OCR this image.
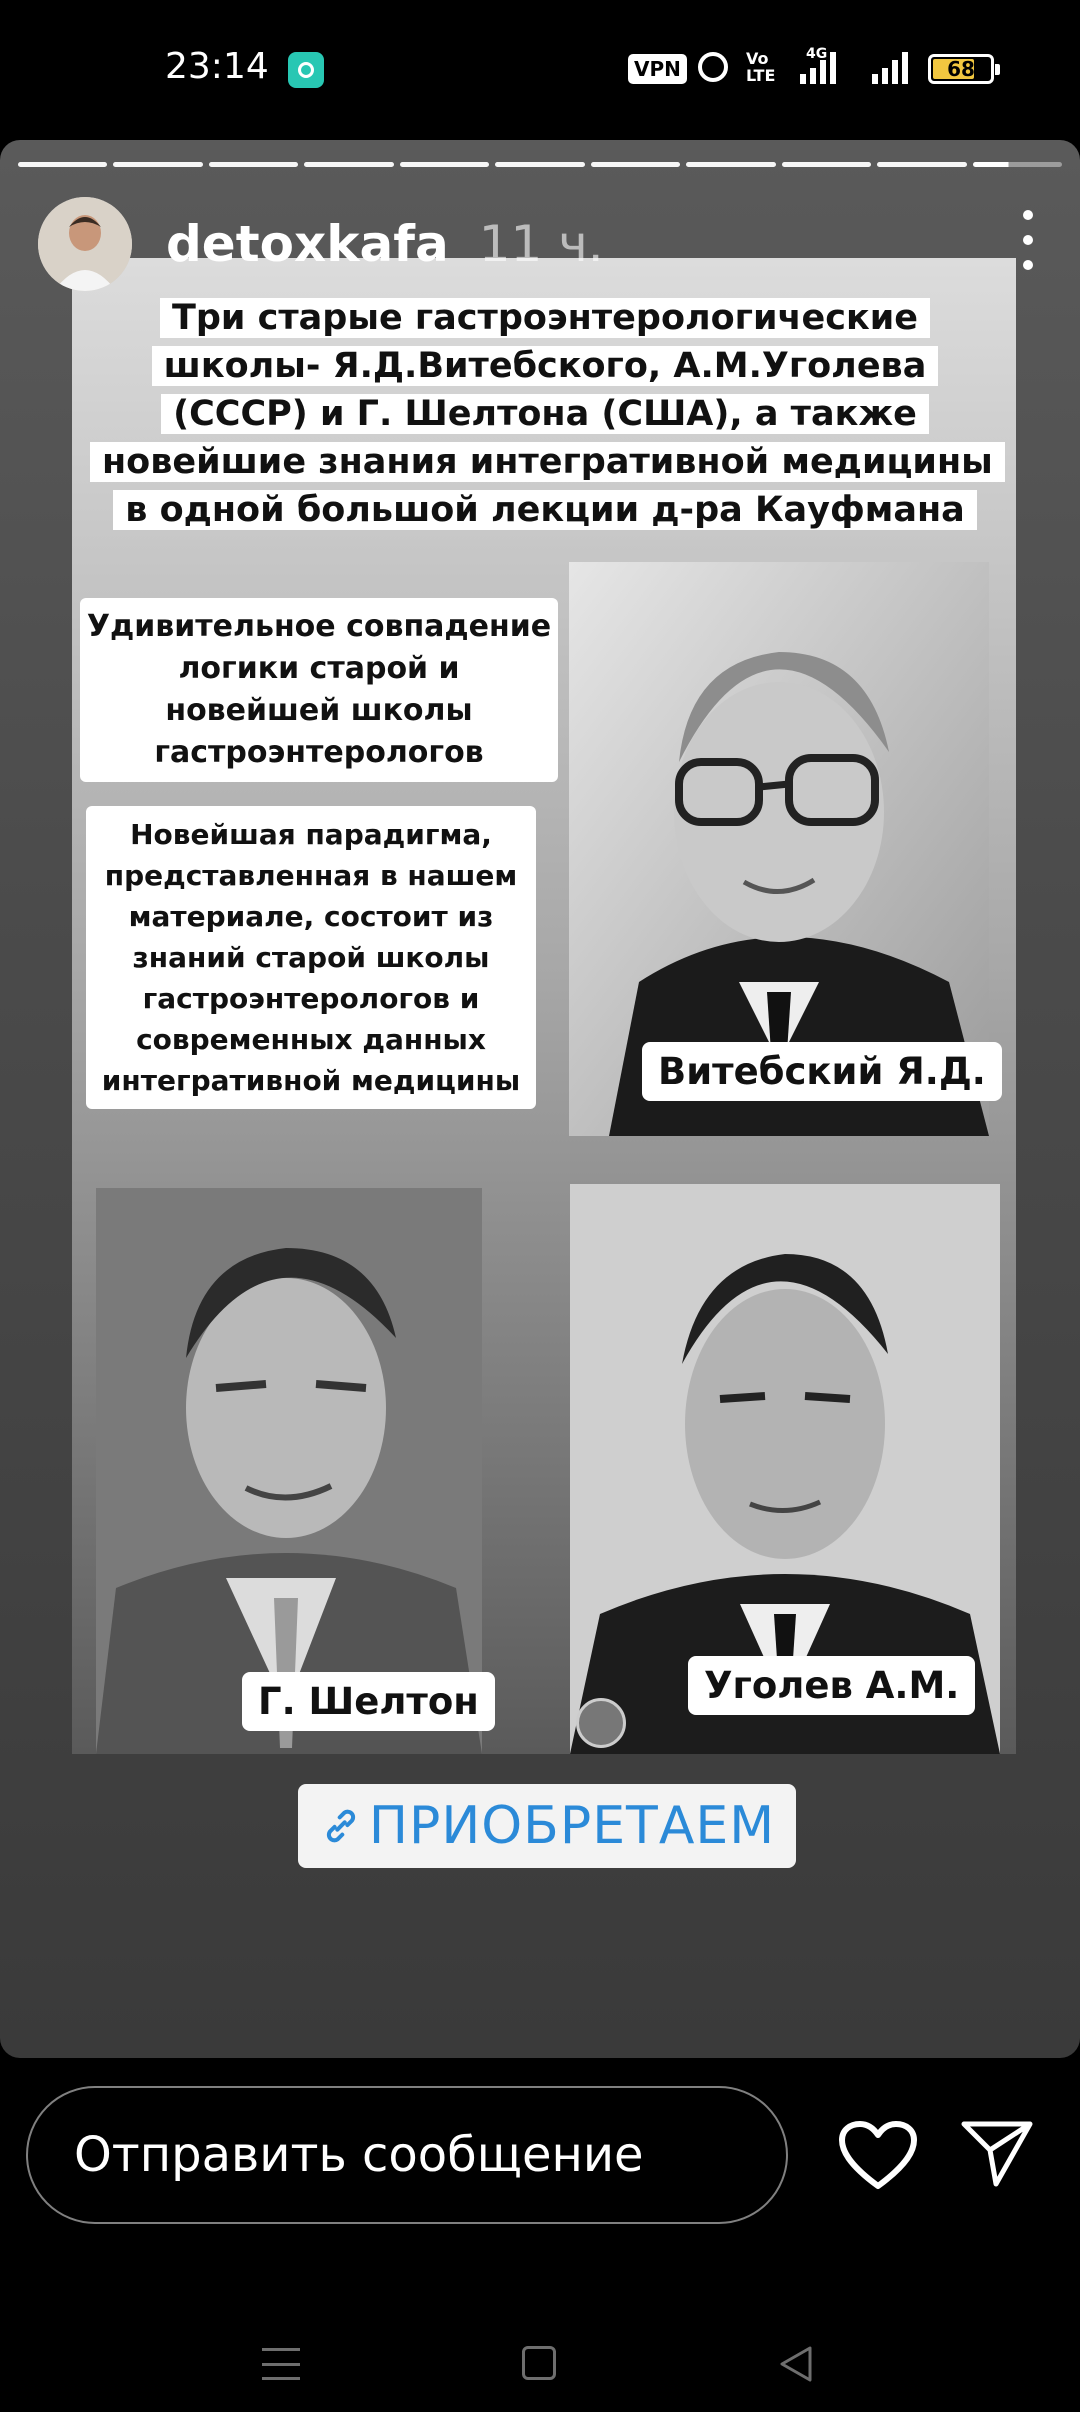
23:14	VPN	Vo LTE
4G
68
Три старые гастроэнтерологические школы- Я.Д.Витебского, А.М.Уголева (СССР) и Г. Шелтона (США), а также новейшие знания интегративной медицины в одной большой лекции д-ра Кауфмана
Удивительное совпадение логики старой и новейшей школы гастроэнтерологов
Новейшая парадигма, представленная в нашем материале, состоит из знаний старой школы гастроэнтерологов и современных данных интегративной медицины	Витебский Я.Д.
Г. Шелтон	Уголев А.М.
ПРИОБРЕТАЕМ
detoxkafa 11 ч.
Отправить сообщение
